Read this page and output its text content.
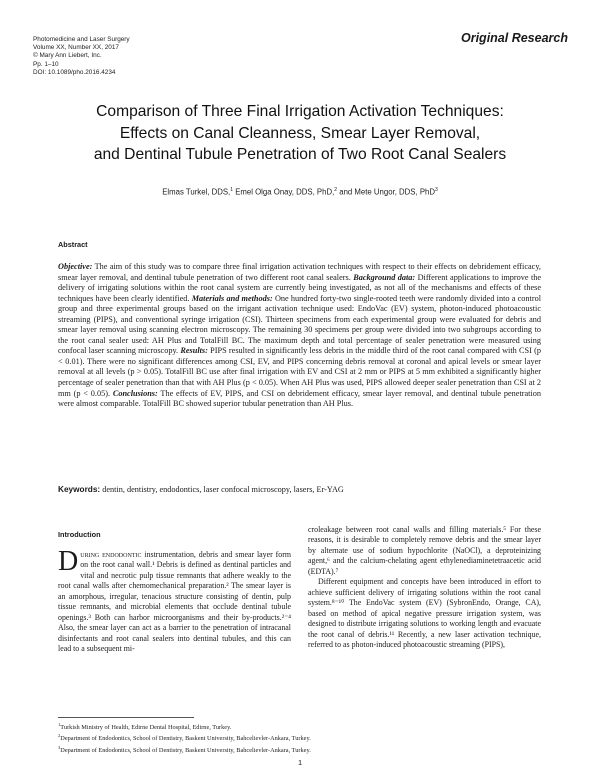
Photomedicine and Laser Surgery
Volume XX, Number XX, 2017
© Mary Ann Liebert, Inc.
Pp. 1–10
DOI: 10.1089/pho.2016.4234
Original Research
Comparison of Three Final Irrigation Activation Techniques:
Effects on Canal Cleanness, Smear Layer Removal,
and Dentinal Tubule Penetration of Two Root Canal Sealers
Elmas Turkel, DDS,$^1$ Emel Olga Onay, DDS, PhD,$^2$ and Mete Ungor, DDS, PhD$^3$
Abstract
Objective: The aim of this study was to compare three final irrigation activation techniques with respect to their effects on debridement efficacy, smear layer removal, and dentinal tubule penetration of two different root canal sealers. Background data: Different applications to improve the delivery of irrigating solutions within the root canal system are currently being investigated, as not all of the mechanisms and effects of these techniques have been clearly identified. Materials and methods: One hundred forty-two single-rooted teeth were randomly divided into a control group and three experimental groups based on the irrigant activation technique used: EndoVac (EV) system, photon-induced photoacoustic streaming (PIPS), and conventional syringe irrigation (CSI). Thirteen specimens from each experimental group were evaluated for debris and smear layer removal using scanning electron microscopy. The remaining 30 specimens per group were divided into two subgroups according to the root canal sealer used: AH Plus and TotalFill BC. The maximum depth and total percentage of sealer penetration were measured using confocal laser scanning microscopy. Results: PIPS resulted in significantly less debris in the middle third of the root canal compared with CSI (p < 0.01). There were no significant differences among CSI, EV, and PIPS concerning debris removal at coronal and apical levels or smear layer removal at all levels (p > 0.05). TotalFill BC use after final irrigation with EV and CSI at 2 mm or PIPS at 5 mm exhibited a significantly higher percentage of sealer penetration than that with AH Plus (p < 0.05). When AH Plus was used, PIPS allowed deeper sealer penetration than CSI at 2 mm (p < 0.05). Conclusions: The effects of EV, PIPS, and CSI on debridement efficacy, smear layer removal, and dentinal tubule penetration were almost comparable. TotalFill BC showed superior tubular penetration than AH Plus.
Keywords: dentin, dentistry, endodontics, laser confocal microscopy, lasers, Er-YAG
Introduction

During endodontic instrumentation, debris and smear layer form on the root canal wall.¹ Debris is defined as dentinal particles and vital and necrotic pulp tissue remnants that adhere weakly to the root canal walls after chemomechanical preparation.² The smear layer is an amorphous, irregular, tenacious structure consisting of dentin, pulp tissue remnants, and microbial elements that occlude dentinal tubule openings.³ Both can harbor microorganisms and their by-products.²⁻⁴ Also, the smear layer can act as a barrier to the penetration of intracanal disinfectants and root canal sealers into dentinal tubules, and this can lead to a subsequent mi-

croleakage between root canal walls and filling materials.⁵ For these reasons, it is desirable to completely remove debris and the smear layer by alternate use of sodium hypochlorite (NaOCl), a deproteinizing agent,⁶ and the calcium-chelating agent ethylenediaminetetraacetic acid (EDTA).⁷

Different equipment and concepts have been introduced in effort to achieve sufficient delivery of irrigating solutions within the root canal system.⁸⁻¹⁰ The EndoVac system (EV) (SybronEndo, Orange, CA), based on method of apical negative pressure irrigation system, was designed to distribute irrigating solutions to working length and evacuate the root canal of debris.¹¹ Recently, a new laser activation technique, referred to as photon-induced photoacoustic streaming (PIPS),

$^1$Turkish Ministry of Health, Edirne Dental Hospital, Edirne, Turkey.
$^2$Department of Endodontics, School of Dentistry, Baskent University, Bahcelievler-Ankara, Turkey.
$^3$Department of Endodontics, School of Dentistry, Baskent University, Bahcelievler-Ankara, Turkey.
1
